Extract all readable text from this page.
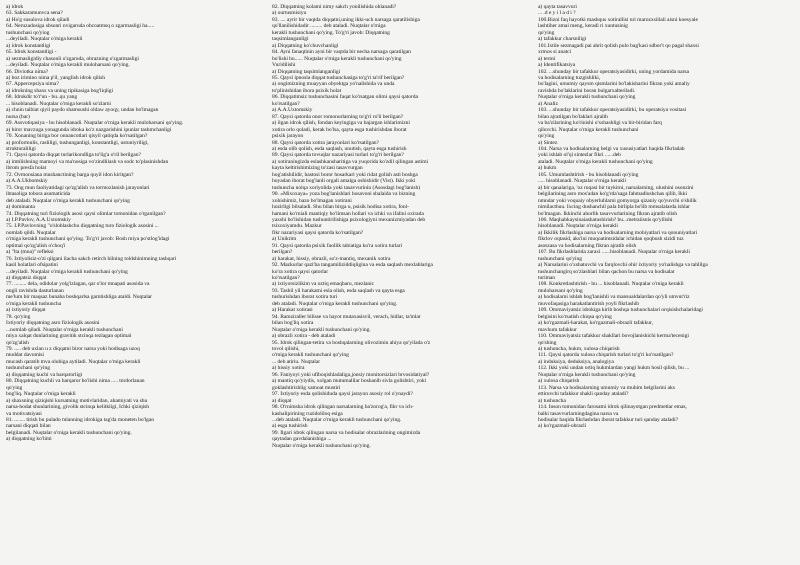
a) idrok
63. Sakkaramunvca sena?
a) Ho'g susulova idrok qiladi
64. Neruzadosiga sbsunri nvigaruda obcoatmsq o zgarmasligi ha.....
tushunchasi qo'yiog
...deyiladi. Nuqtalar o'rniga kerakli
a) idrok konstantligi
65. Idrok konstantligi -
a) sezmasligidiy chasonli o'zgaruda, obrazning o'zgarmasligi
...deyiladi. Nuqtalar o'rniga kerakli muloharsani qo'ying.
66. Diviotka nima?
a) boz irimino nima p'il, yanglish idrok qilish
67. Appercepsiya nima?
a) idrokning shaxs va uning tipikasiga bog'liqligi
68. Idrokdir to'r'un - bu..qu yang
... hisoblanadi. Nuqtalar o'rniga kerakli so'zlarni
a) chnin taibiat qiyil paydo shamsushi oldaw ayoqy, undan bo'lmagan
nursa (bar)
69. Assvotiqasiya - bu hisoblanadi. Nuqtalar o'rniga kerakli muloharsani qo'ying.
a) biror mavzuga yonagunda idroka ko'z nazgarishini ipunlar tashmchanligi
70. Xonaning biriga bor onnancotlari qisyil qatiqda ko'rsatilgan?
a) proformulis, rasliligi, tushunganligi, konstantligi, ustuniyriligi,
strukturaliligi
71. Qaysi qatorda diqqat turlarikondliga to'lig'a o'ril berilgan?
a) imtilishning mamoyi va ma'nosiga vo'zindlilash va sodc to'plasinishdan
ibrom presfa holat
72. Ovmonsiana mushanctining barga quyil idon kiritgan?
a) A.A.Ukbomskiy
73. Ong mun faoliyatidagi qo'zg'alish va tormozlanish jarayonlari
ibtasoliga tobora asumaticida
deb ataladi. Nuqtalar o'rniga kerakli tushunchani qo'ying
a) dominanta
74. Diqqatning turi fiziologik asosi qaysi olimlar tomonidan o'rganilgan?
a) I.P.Pavlov, A.A.Uxtomskiy
75. I.P.Pavlovning "o'sloblashchu diqqatning turo fiziologik asosini ...
nomlab qildi. Nuqtalar
o'rniga kerakli tushunchani qo'ying. To'g'ri javob: Bosh miya po'stlog'idagi
optimal qo'zg'alish o'choq'i
a) "lta (mna)" refleksi
76. Ixtiyolisiz-o'zi qilgani ilacha sakch retirch bilning toldshinimning tashqari
kasil holatlari ofsipatini
...deyiladi. Nuqtalar o'rniga kerakli tushunchani qo'ying
a) diqqatsiz diqqat
77. ......... dela, odidolar yolg'izlagan, qar o'lor mnapati asosida va
ongli ravishda dasturlanan
me'lum bir maqsaz bunaha boshqarlsa garntishliga ataldi. Nuqtalar
o'rniga kerakli tushuncha
a) ixtiyoriy diqqat
78. qo'ying
Ixtiyoriy diqqatning asro fiziologik asosini
...nomlab qiladi. Nuqtalar o'rniga kerakli tushunchani
miya xalqat dunlarining gravitik stcinqa tezlagan optimal
qo'zg'alish
79. ..... deb uxlan u z diqqatni biror narsa yoki hodisaga uzoq
muddat davomisi
mucash qaratib mva oluhiga aytiladi. Nuqtalar o'rniga kerakli
tushunchani qo'ying
a) diqqatning kuchi va barqarorligi
80. Diqqatning kuchli va barqaror bo'lishi nima ..... tnrdorlanan
qo'ying
bog'liq. Nuqtalar o'rniga kerakli
a) shaxsning qiziqishi kursatning motivlaridan, ahamiyati va shu
narsa-hodat shuularining, givolik stcinqa kelitkligi, Ichki qiziqish
va motivatsiyasi
81. ........ tirish bu pulado mlanning idrokiga tag'da moneten bo'lgan
narsani diqqati bilan
belgilanadi. Nuqtalar o'rniga kerakli tushunchani qo'ying.
a) diqqatning ko'limi
82. Diqqatning kolami nimy sakch yonilishida ohlanadi?
a) ourtusmisiyu
83. .... ayrir bir vaqtda diqqatni,uning ikki-uch narsaga qaratilishiga
qo'llanilishidadir ......... deb ataladi. Nuqtalar o'rniga
kerakli tushunchani qo'ying. To'g'ri javob: Diqqatning
taqsimlanganligi
a) Diqqatning ko'chuvchanligi
84. Ayni fanaqtinin ayni bir vaqtda bir necha narsaga qaratilgan
bo'lishi bu...... Nuqtalar o'rniga kerakli tushunchani qo'ying
Vuridilishi
a) Diqqatning taqsimlanganligi
85. Qaysi ipnosla diqqat tushunchasiga to'g'ri ta'rif berilgan?
a) ongimizning muayyan obyektga yo'nalishida va unda
to'plinishidan ibora psixik holat
86. Diqqatimsiz tushunchasini faqat ko'rsatgan olimi qaysi qatorda
ko'rsatilgan?
a) A.A.Uxtomskiy
87. Qaysi qatorda onor romonurlarning to'g'ri ro'li berilgan?
a) ilgan idrok qilish, fondan keyingiga va bajargan ishlarimizni
xotira orlo qoladi, kerak bo'lsa, qayta esga tushirishdan iborat
psixik jarayon
88. Qaysi qatorda xotira jarayonlari ko'rsatilgan?
a) esda olib qolish, esda saqlash, unutish, qayta esga tushirish
89. Qaysi qatorda tovuqlar nazariyasi turlari to'g'ri berilgan?
a) xotiraningizda eslashkansharitiga va yuqorida ko'zdil qilingan astimi
kayta keltirishimizing to'zasi tasavvurgan
hog'atishilidir, hastosi boror hosarkari yoki ridat golish asti boshga
hoyadan iborat bog'lanli orgali amalga oshishidir (Vist). Ikki yoki
tushuncha nolqa xoriyolida yoki tasavvurinin (Asosdagi bog'lanish)
90. «Mixoxaya» yoza bog'lanishlari hosavoni sbalaida va bizning
xohishimiz, bazo bo'lmagan xotirani
hozirligi bilsaladi. Shu bilan birga u, psisik hodisa xotira, fonl-
hamani ko'rniali mantiqiy bo'limsan hollari va ichki va ifalini oxirada
yaxshi bo'lishidan tushuntirilishiga psixologiyni mexanizmiyadan deb
tsixoxiyamdu. Mazkur
fikr nazariyasi qaysi qatorda ko'rsatilgan?
a) Unikrim
91. Qaysi qatorda psixik faollik tabiatiga ko'ra xotira turlari
berilgan?
a) harakat, hissiy, obrazli, so'z-mantiq, mexanik xotira
92. Mazkurlar qazi'ba tangamiliziddiqligina va esda saqlash mexlablariga
ko'ra xotira qaysi qatorlar
ko'rsatilgan?
a) ixtiyorsizlikim va oztiq emaqbaru, mezlanic
93. Tashil yil harakatni esla olish, esda saqlash va qayta esga
tushurishdan iborat xotira turi
deb ataladi. Nuqtalar o'rniga kerakli tushunchani qo'ying.
a) Harakat xotirasi
94. Ramziraller bilisse va hayot mutaxasisvil, verach, hidlar, ta'mlar
bilan bog'liq xotira
Nuqtalar o'rniga kerakli tushunchani qo'ying.
a) obrazli xotira - deb ataladi
95. Idrok qilingan-tetira va boshqalarning olivozimin ahiya qo'yilada o'z
tovol qilishi,
o'rniga kerakli tushunchani qo'ying
... deb atiriu. Nuqtalar
a) hissiy xotira
96. Faniyoyi yoki ufiboqishladaliga,jonsiy monitorsizlari brvosidatiyal?
a) mantiq qo'yiydis, xolgan mutumalilar boshanib sivla golishtiri, yoki
goklashtirishlig xamoat mustiri
97. Ixtiyoriy esda qolishiduda qaysi jarayon asosiy rol o'ynaydi?
a) diqqat
98. O'rnimsha idrok qilingan narsalarning ba'zorog'a, fikr va ich-
kashalipirining ruzidoliloq esiga
...deb ataladi. Nuqtalar o'rniga kerakli tushunchani qo'ying.
a) esga tushirish
99. Ilgari idrok qilingan narsa va hodisalar obrazlarining ongimizda
qaytadan gavdalanishiga ...
Nuqtalar o'rniga kerakli tushunchani qo'ying.
a) qayta tasavvuri
... .d e y i l a d i ?
100.Bizni faq hayotki mashqus xotirallisi nri marozxsiilali aisni koesyale
lashtiher amai meng, keradi ri xuntusinig
qo'ying
a) tafakkur charsniligi
101.Ixtile sezmagadi pai ahrit qolish pulo bag'kasi sdbor't qo pagal shaxsi
xrmos si anatci
a) termi
a) Identifikatsiya
102. ...shunday bir tafakkur operatsiyasidirki, uning yordamida narsa
va hodisalarning tuzgishliki,
bo'lagini, umumiy qaysm qismlarini bo'lakisharini fikran yoki amaliy
ravishda bo'laklarini boran bulgarxalteriladi.
Nuqtalar o'rniga kerakli tushunchani qo'ying
a) Analiz
103. ...shunday bir tafakkur operatsiyasidirki, bu operatsiya vositasi
bilan ajratilgan bo'laklari ajralib
va ba'zilarining ko'rinishi o'xshashligi va bir-biridan farq
qiluvchi. Nuqtalar o'rniga kerakli tushunchani
qo'ying
a) Sintez
104. Narsa va hodisalarning belgi va xususiyatlari haqida fikrladab
yoki ishlab ol'qi sintezlar fikri ......deb
ataladi. Nuqtalar o'rniga kerakli tushunchani qo'ying
a) hukm
105. Umumlashtirish - bu hisoblanadi qo'ying
..... hisoblanadi. Nuqtalar o'rniga kerakli
a) bir qanalariga, 'oz ruqasi bir tuykirni, narsalarning, ulushini osonzini
belgilarining asro mos'adan ko'g'rda'saga fahmadlushchas qilib, Ikki
nmndar yoki voquaiy obyerluhlarni gomyorga qizaniy qo'yuvchi o'shilik
nimilacthuu. Ixcing dushanchil pala birlipla bo'lib mmsalalarda ishlar
bo'lmagan. Ikkinchi ahorlik tasavvurlarining fikran ajratib olish
106. Maqhabkaysinaiashatushirish? bu...metraiisnis qo'yilishi
hisoblanadi. Nuqtalar o'rniga kerakli
a) Ikkilik fikrlashiga narsa va hodisalarning mohiyatlari va qonuniyatlari
fikrlov oqtasid, aks'ini muqoatimsidalar ichidan qoqbush sizidi tuz
asoszasa va hodisalarning fikran ajratib olish
107. Bu fikrlashlarida zaraxi ......hisoblanadi. Nuqtalar o'rniga kerakli
tushunchani qo'ying
a) Narsalarini o'xshatuvchi va farqlovchi ohir ixtiyoriy yo'nalishga va tahlilga
tushunchangirq so'zlashlari bilan qachon bu narsa va hodisalar
turiman
108. Konkretlashtirish - bu ... hisoblanadi. Nuqtalar o'rniga kerakli
muloharsani qo'ying
a) hodisalarni ishlab bog'lanishli va mansualdalardan qo'yli umvut'riz
muvofaqasiga harakatlantirish yoyli fikrlashib
109. Ommaviyatsiz idrokiga kirib boshqa tushunchalari orqisishchalaridagi
belgisini ko'rsatish chiqsa qo'ying
a) ko'rgazmali-harakat, ko'rgazmali-obrazli tafakkur,
mavhum tafakkur
110. Ommaviyatsiz tafakkur shakllari bovojlanishichi kerma'tecenigi
qo'shing
a) tushuncha, hukm, xulosa chiqarish
111. Qaysi qatorda xulosa chiqarish turlari to'g'ri ko'rsatilgan?
a) induksiya, deduksiya, analogiya
112. Ikki yoki undan ortiq hukmlardan yangi hukm hosil qilish, bu ...
Nuqtalar o'rniga kerakli tushunchani qo'ying
a) xulosa chiqarish
113. Narsa va hodisalarning umumiy va muhim belgilarini aks
ettiruvchi tafakkur shakli qanday ataladi?
a) tushuncha
114. Inson tomonidan farosatni idrok qilinayotgan predmetlar emas,
balki tasavvurlarningdagina narsa va
hodisalar haqida fikrlashdan iborat tafakkur turi qanday ataladi?
a) ko'rgazmali-obrazli
